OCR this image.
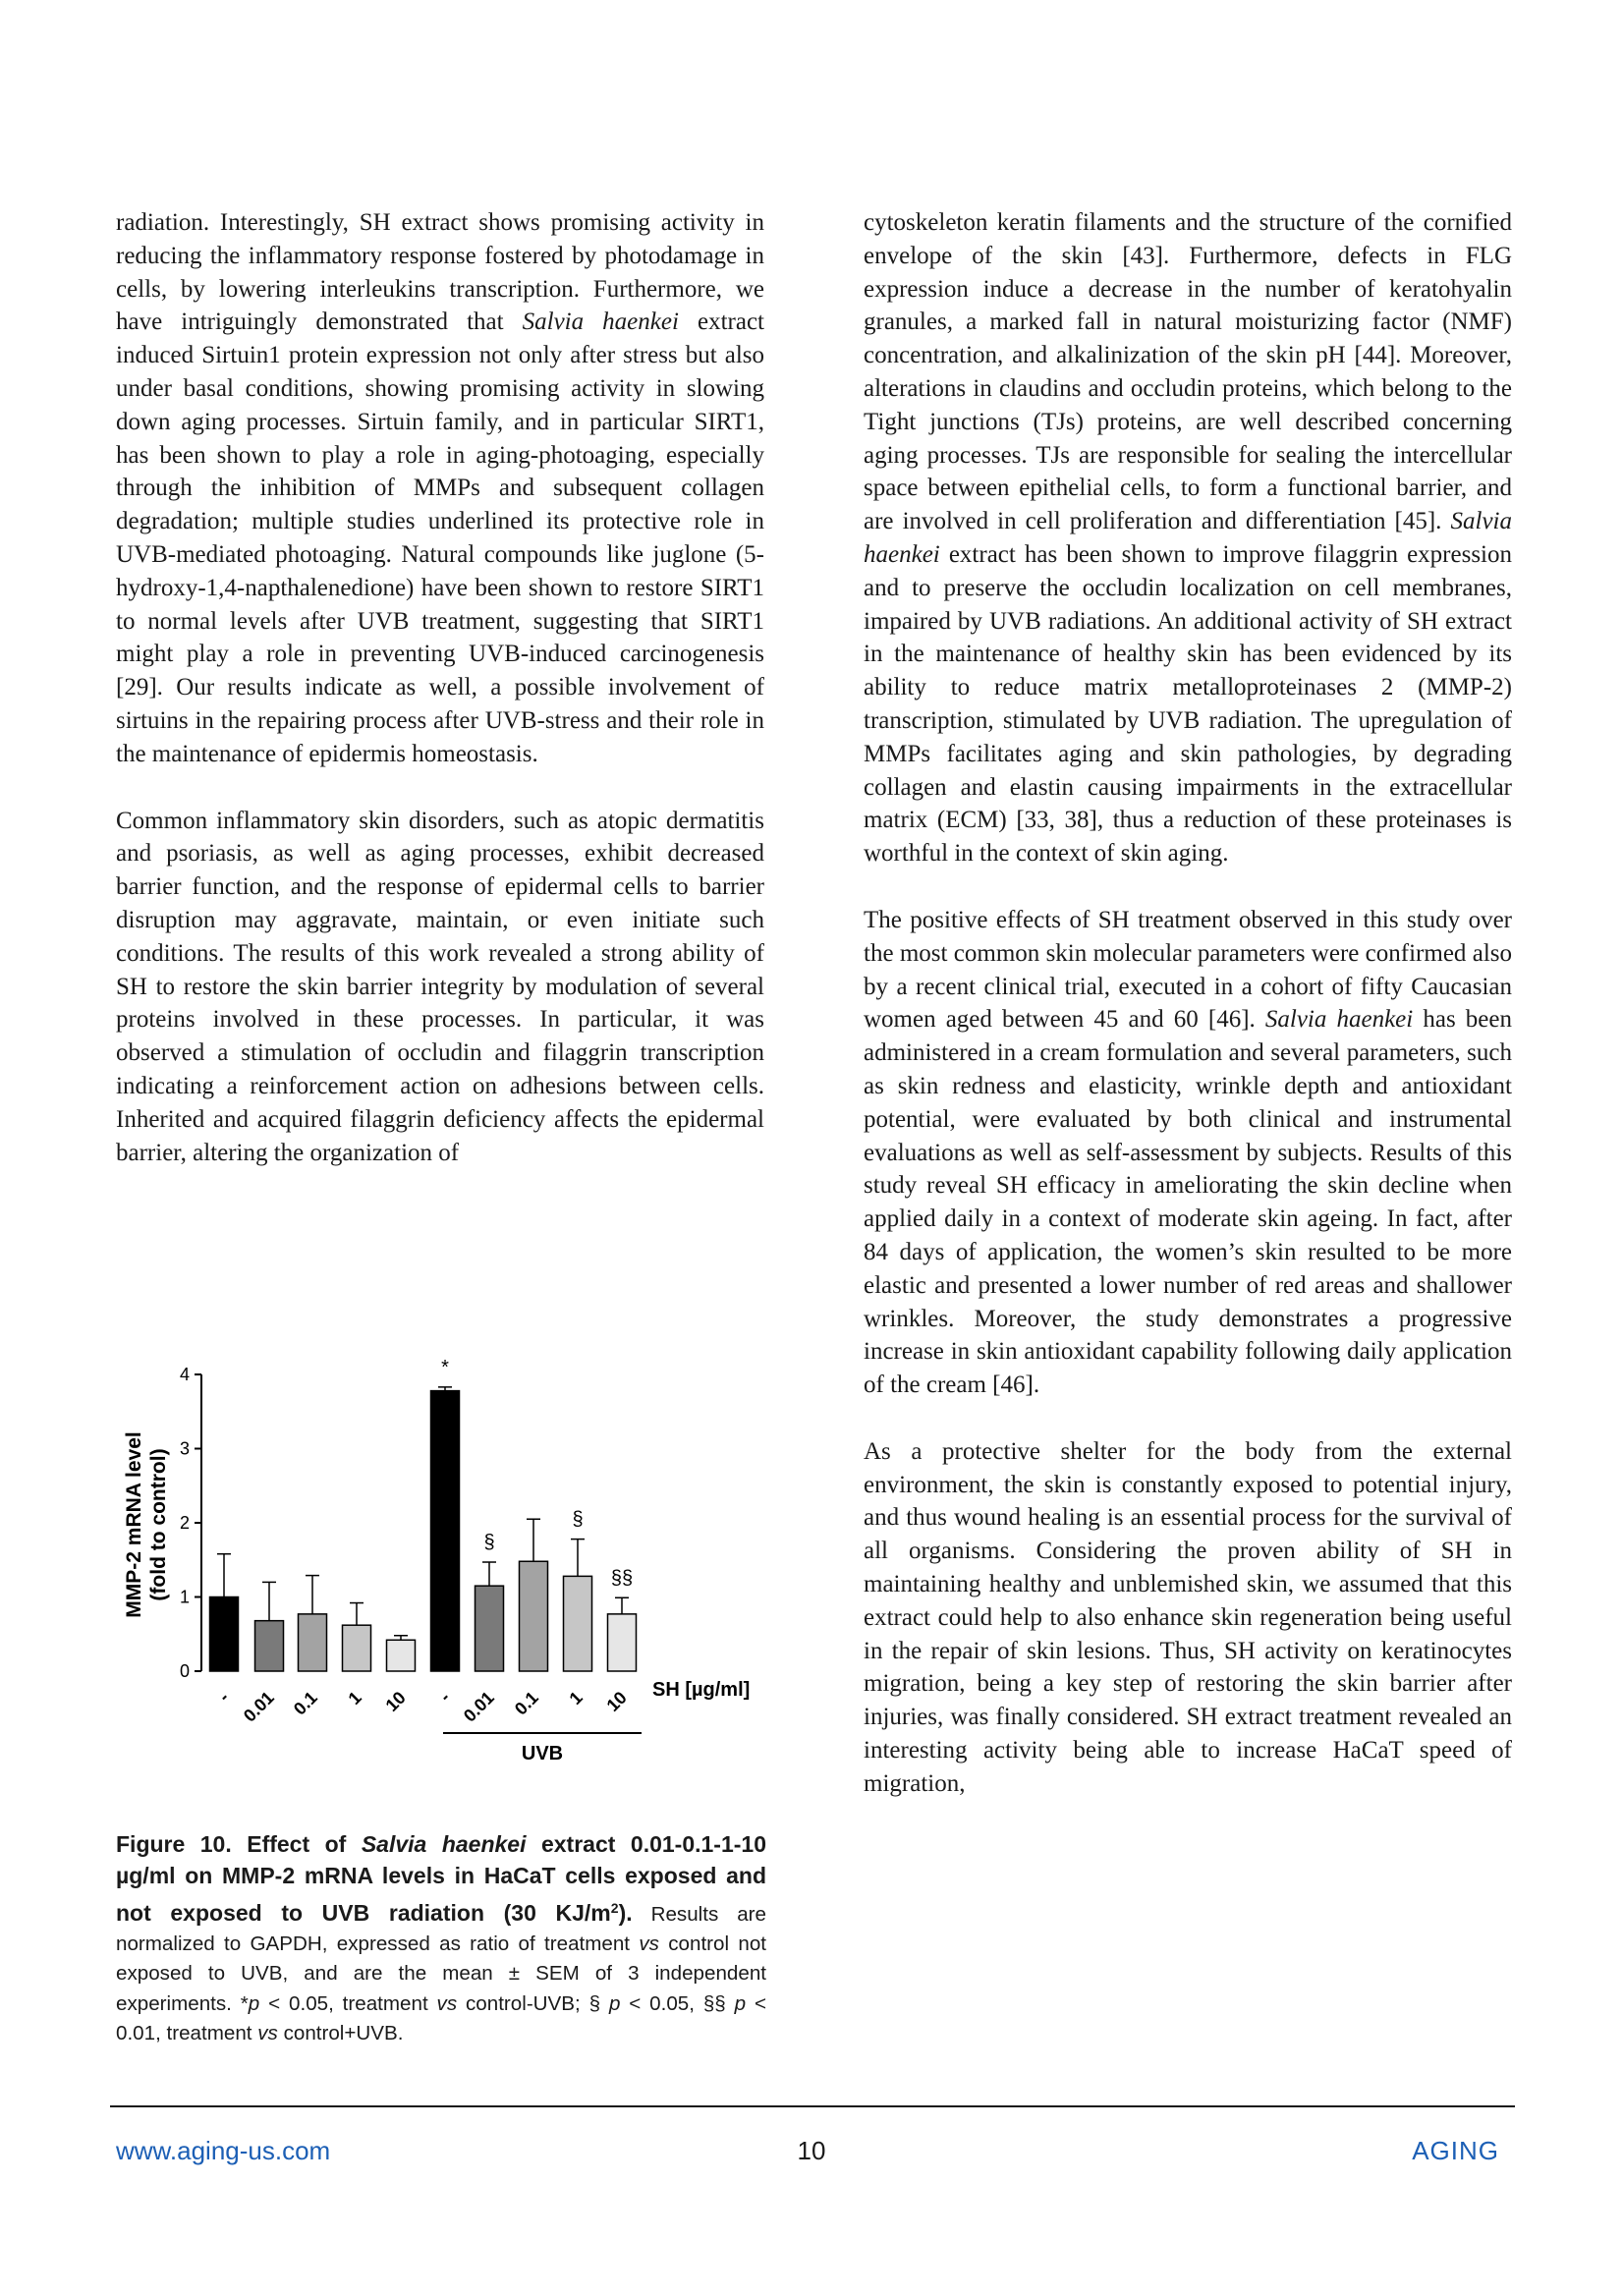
radiation. Interestingly, SH extract shows promising activity in reducing the inflammatory response fostered by photodamage in cells, by lowering interleukins transcription. Furthermore, we have intriguingly demonstrated that Salvia haenkei extract induced Sirtuin1 protein expression not only after stress but also under basal conditions, showing promising activity in slowing down aging processes. Sirtuin family, and in particular SIRT1, has been shown to play a role in aging-photoaging, especially through the inhibition of MMPs and subsequent collagen degradation; multiple studies underlined its protective role in UVB-mediated photoaging. Natural compounds like juglone (5-hydroxy-1,4-napthalenedione) have been shown to restore SIRT1 to normal levels after UVB treatment, suggesting that SIRT1 might play a role in preventing UVB-induced carcinogenesis [29]. Our results indicate as well, a possible involvement of sirtuins in the repairing process after UVB-stress and their role in the maintenance of epidermis homeostasis.

Common inflammatory skin disorders, such as atopic dermatitis and psoriasis, as well as aging processes, exhibit decreased barrier function, and the response of epidermal cells to barrier disruption may aggravate, maintain, or even initiate such conditions. The results of this work revealed a strong ability of SH to restore the skin barrier integrity by modulation of several proteins involved in these processes. In particular, it was observed a stimulation of occludin and filaggrin transcription indicating a reinforcement action on adhesions between cells. Inherited and acquired filaggrin deficiency affects the epidermal barrier, altering the organization of

cytoskeleton keratin filaments and the structure of the cornified envelope of the skin [43]. Furthermore, defects in FLG expression induce a decrease in the number of keratohyalin granules, a marked fall in natural moisturizing factor (NMF) concentration, and alkalinization of the skin pH [44]. Moreover, alterations in claudins and occludin proteins, which belong to the Tight junctions (TJs) proteins, are well described concerning aging processes. TJs are responsible for sealing the intercellular space between epithelial cells, to form a functional barrier, and are involved in cell proliferation and differentiation [45]. Salvia haenkei extract has been shown to improve filaggrin expression and to preserve the occludin localization on cell membranes, impaired by UVB radiations. An additional activity of SH extract in the maintenance of healthy skin has been evidenced by its ability to reduce matrix metalloproteinases 2 (MMP-2) transcription, stimulated by UVB radiation. The upregulation of MMPs facilitates aging and skin pathologies, by degrading collagen and elastin causing impairments in the extracellular matrix (ECM) [33, 38], thus a reduction of these proteinases is worthful in the context of skin aging.

The positive effects of SH treatment observed in this study over the most common skin molecular parameters were confirmed also by a recent clinical trial, executed in a cohort of fifty Caucasian women aged between 45 and 60 [46]. Salvia haenkei has been administered in a cream formulation and several parameters, such as skin redness and elasticity, wrinkle depth and antioxidant potential, were evaluated by both clinical and instrumental evaluations as well as self-assessment by subjects. Results of this study reveal SH efficacy in ameliorating the skin decline when applied daily in a context of moderate skin ageing. In fact, after 84 days of application, the women’s skin resulted to be more elastic and presented a lower number of red areas and shallower wrinkles. Moreover, the study demonstrates a progressive increase in skin antioxidant capability following daily application of the cream [46].

As a protective shelter for the body from the external environment, the skin is constantly exposed to potential injury, and thus wound healing is an essential process for the survival of all organisms. Considering the proven ability of SH in maintaining healthy and unblemished skin, we assumed that this extract could help to also enhance skin regeneration being useful in the repair of skin lesions. Thus, SH activity on keratinocytes migration, being a key step of restoring the skin barrier after injuries, was finally considered. SH extract treatment revealed an interesting activity being able to increase HaCaT speed of migration,

0
1
2
3
4
MMP-2 mRNA level (fold to control)
- 0.01 0.1 1 10
*
-
§
0.01 0.1
§
1
§§
10 SH [µg/ml]
UVB
Figure 10. Effect of Salvia haenkei extract 0.01-0.1-1-10 µg/ml on MMP-2 mRNA levels in HaCaT cells exposed and not exposed to UVB radiation (30 $KJ/m^2$). Results are normalized to GAPDH, expressed as ratio of treatment vs control not exposed to UVB, and are the mean ± SEM of 3 independent experiments. *p < 0.05, treatment vs control-UVB; § p < 0.05, §§ p < 0.01, treatment vs control+UVB.
www.aging-us.com	10	AGING
